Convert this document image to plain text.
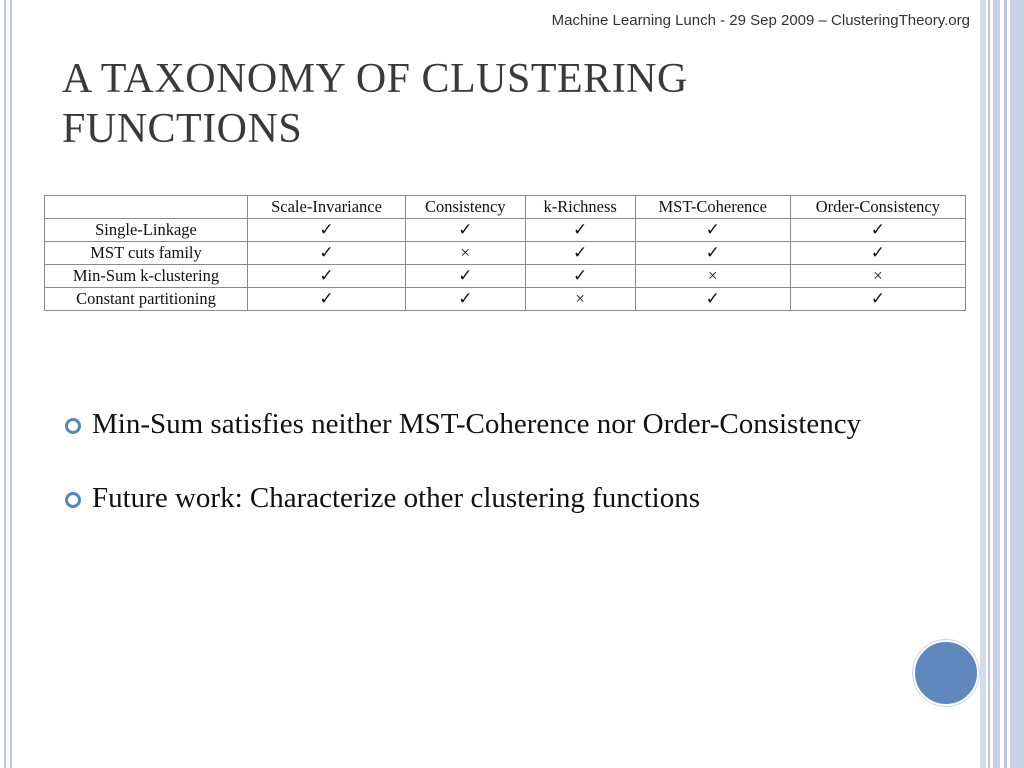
Machine Learning Lunch - 29 Sep 2009 – ClusteringTheory.org
A TAXONOMY OF CLUSTERING FUNCTIONS
	Scale-Invariance	Consistency	k-Richness	MST-Coherence	Order-Consistency
Single-Linkage	✓	✓	✓	✓	✓
MST cuts family	✓	×	✓	✓	✓
Min-Sum k-clustering	✓	✓	✓	×	×
Constant partitioning	✓	✓	×	✓	✓
Min-Sum satisfies neither MST-Coherence nor Order-Consistency
Future work: Characterize other clustering functions
